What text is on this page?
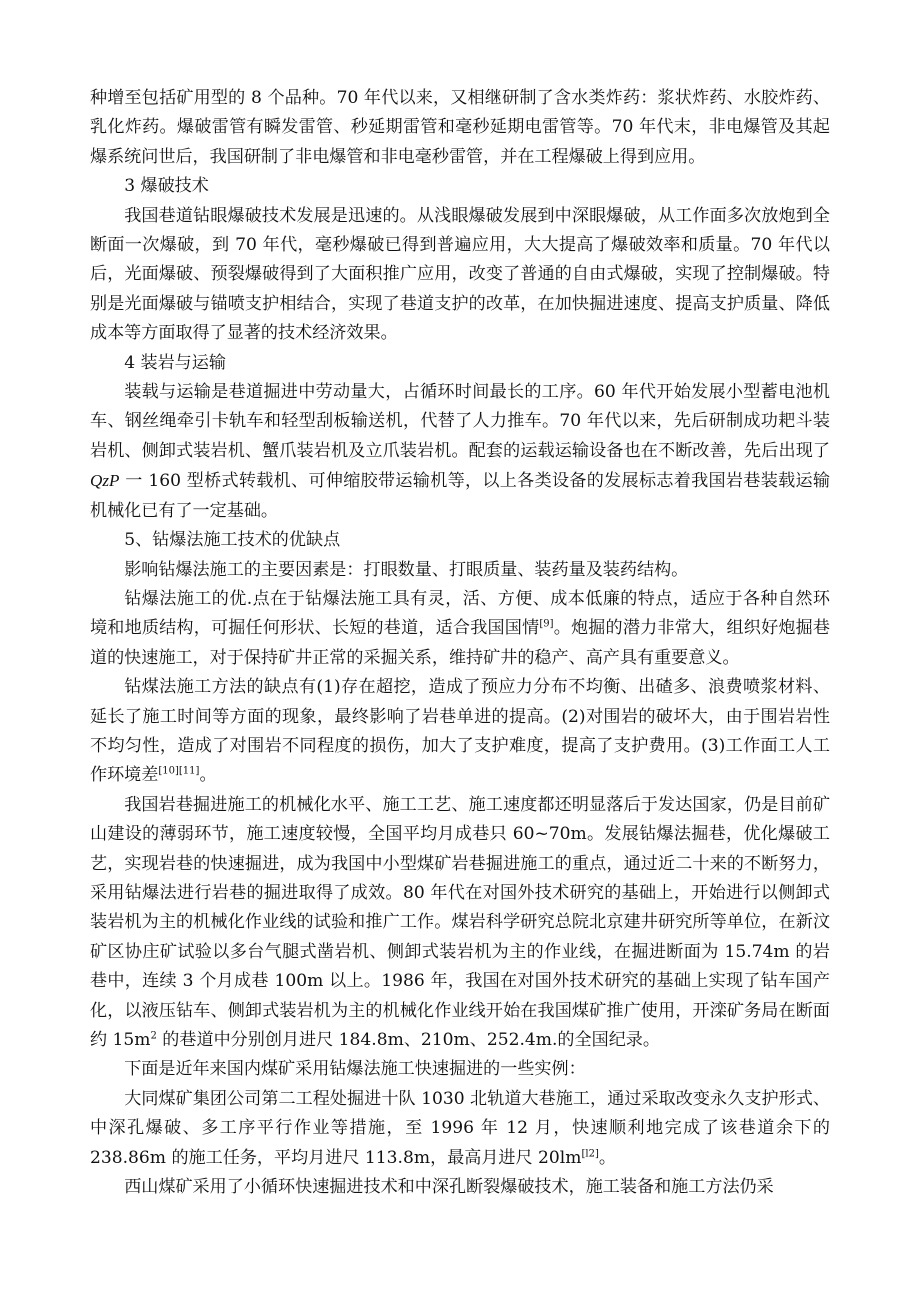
种增至包括矿用型的 8 个品种。70 年代以来，又相继研制了含水类炸药：浆状炸药、水胶炸药、乳化炸药。爆破雷管有瞬发雷管、秒延期雷管和毫秒延期电雷管等。70 年代末，非电爆管及其起爆系统问世后，我国研制了非电爆管和非电毫秒雷管，并在工程爆破上得到应用。

3 爆破技术

我国巷道钻眼爆破技术发展是迅速的。从浅眼爆破发展到中深眼爆破，从工作面多次放炮到全断面一次爆破，到 70 年代，毫秒爆破已得到普遍应用，大大提高了爆破效率和质量。70 年代以后，光面爆破、预裂爆破得到了大面积推广应用，改变了普通的自由式爆破，实现了控制爆破。特别是光面爆破与锚喷支护相结合，实现了巷道支护的改革，在加快掘进速度、提高支护质量、降低成本等方面取得了显著的技术经济效果。

4 装岩与运输

装载与运输是巷道掘进中劳动量大，占循环时间最长的工序。60 年代开始发展小型蓄电池机车、钢丝绳牵引卡轨车和轻型刮板输送机，代替了人力推车。70 年代以来，先后研制成功耙斗装岩机、侧卸式装岩机、蟹爪装岩机及立爪装岩机。配套的运载运输设备也在不断改善，先后出现了 QzP 一 160 型桥式转载机、可伸缩胶带运输机等，以上各类设备的发展标志着我国岩巷装载运输机械化已有了一定基础。

5、钻爆法施工技术的优缺点

影响钻爆法施工的主要因素是：打眼数量、打眼质量、装药量及装药结构。

钻爆法施工的优.点在于钻爆法施工具有灵，活、方便、成本低廉的特点，适应于各种自然环境和地质结构，可掘任何形状、长短的巷道，适合我国国情[9]。炮掘的潜力非常大，组织好炮掘巷道的快速施工，对于保持矿井正常的采掘关系，维持矿井的稳产、高产具有重要意义。

钻煤法施工方法的缺点有(1)存在超挖，造成了预应力分布不均衡、出碴多、浪费喷浆材料、延长了施工时间等方面的现象，最终影响了岩巷单进的提高。(2)对围岩的破坏大，由于围岩岩性不均匀性，造成了对围岩不同程度的损伤，加大了支护难度，提高了支护费用。(3)工作面工人工作环境差[10][11]。

我国岩巷掘进施工的机械化水平、施工工艺、施工速度都还明显落后于发达国家，仍是目前矿山建设的薄弱环节，施工速度较慢，全国平均月成巷只 60~70m。发展钻爆法掘巷，优化爆破工艺，实现岩巷的快速掘进，成为我国中小型煤矿岩巷掘进施工的重点，通过近二十来的不断努力，采用钻爆法进行岩巷的掘进取得了成效。80 年代在对国外技术研究的基础上，开始进行以侧卸式装岩机为主的机械化作业线的试验和推广工作。煤岩科学研究总院北京建井研究所等单位，在新汶矿区协庄矿试验以多台气腿式凿岩机、侧卸式装岩机为主的作业线，在掘进断面为 15.74m 的岩巷中，连续 3 个月成巷 100m 以上。1986 年，我国在对国外技术研究的基础上实现了钻车国产化，以液压钻车、侧卸式装岩机为主的机械化作业线开始在我国煤矿推广使用，开滦矿务局在断面约 $15m^2$ 的巷道中分别创月进尺 184.8m、210m、252.4m.的全国纪录。

下面是近年来国内煤矿采用钻爆法施工快速掘进的一些实例：

大同煤矿集团公司第二工程处掘进十队 1030 北轨道大巷施工，通过采取改变永久支护形式、中深孔爆破、多工序平行作业等措施，至 1996 年 12 月，快速顺利地完成了该巷道余下的 238.86m 的施工任务，平均月进尺 113.8m，最高月进尺 20lm[l2]。

西山煤矿采用了小循环快速掘进技术和中深孔断裂爆破技术，施工装备和施工方法仍采
